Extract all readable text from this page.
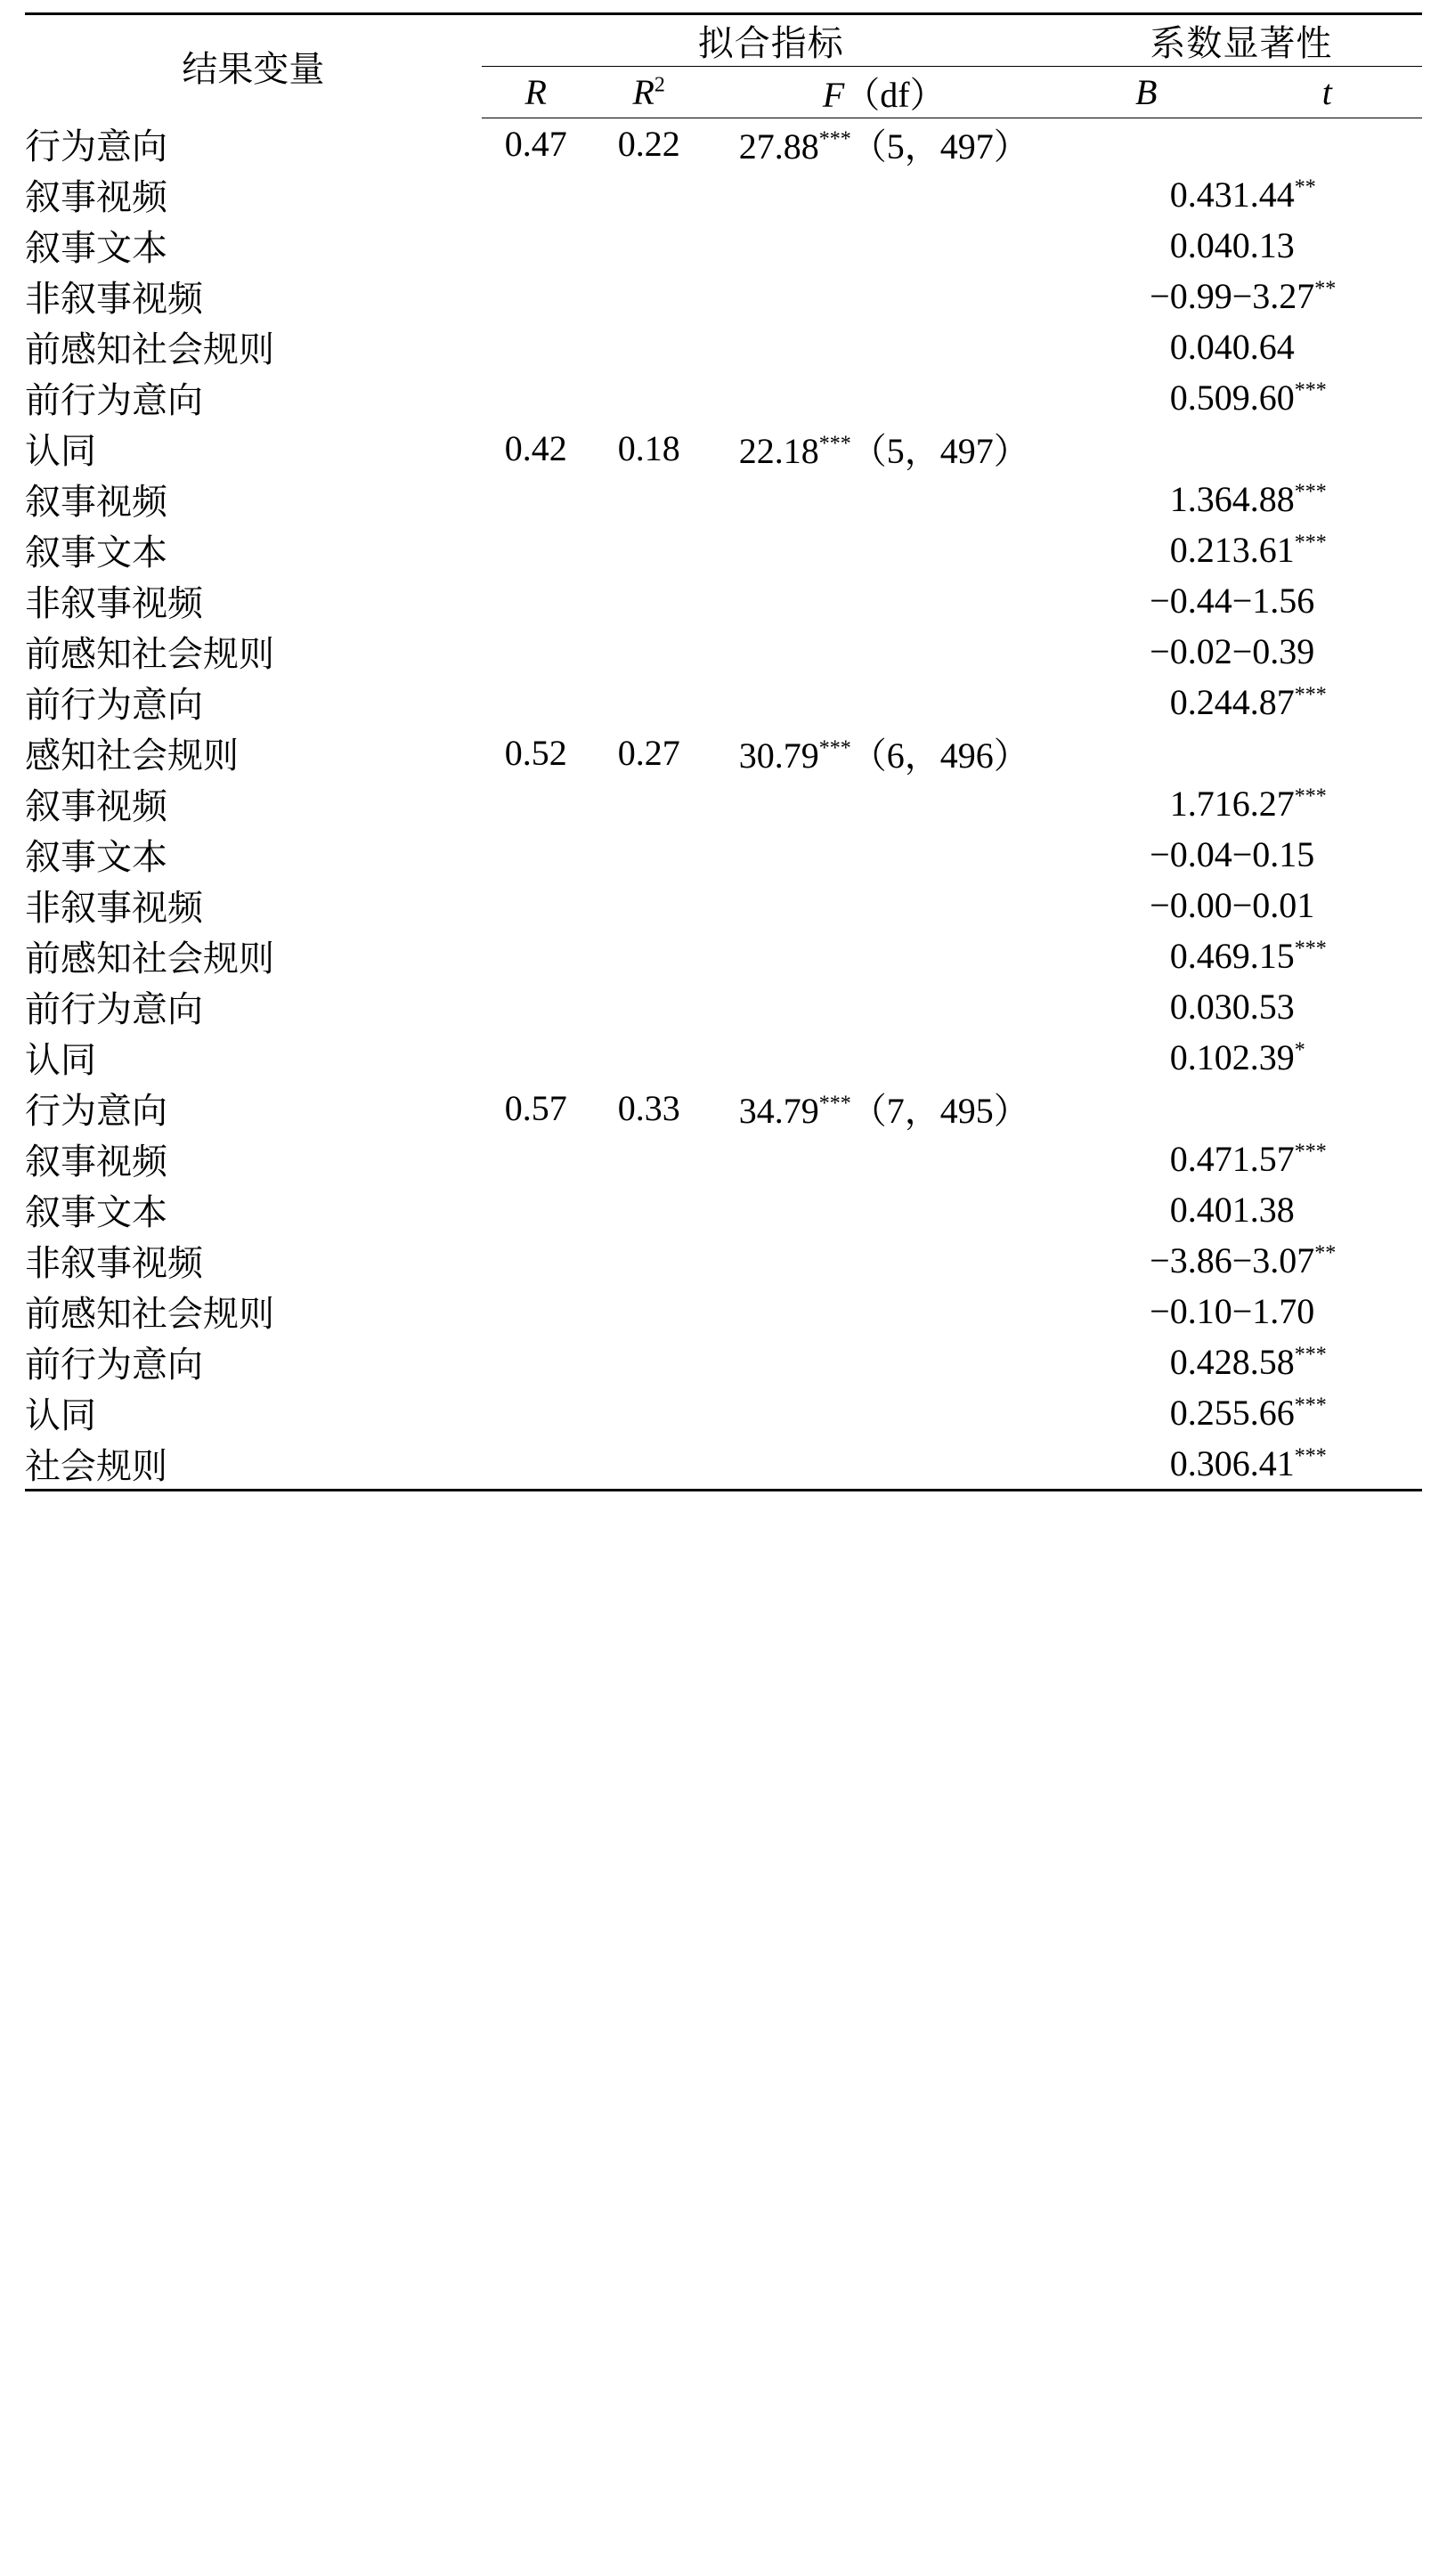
结果变量	拟合指标			系数显著性	
	R	$R^2$	F（df）	B	t
行为意向	0.47	0.22	27.88***（5，497）		
叙事视频				0.43	1.44**
叙事文本				0.04	0.13
非叙事视频				−0.99	−3.27**
前感知社会规则				0.04	0.64
前行为意向				0.50	9.60***
认同	0.42	0.18	22.18***（5，497）		
叙事视频				1.36	4.88***
叙事文本				0.21	3.61***
非叙事视频				−0.44	−1.56
前感知社会规则				−0.02	−0.39
前行为意向				0.24	4.87***
感知社会规则	0.52	0.27	30.79***（6，496）		
叙事视频				1.71	6.27***
叙事文本				−0.04	−0.15
非叙事视频				−0.00	−0.01
前感知社会规则				0.46	9.15***
前行为意向				0.03	0.53
认同				0.10	2.39*
行为意向	0.57	0.33	34.79***（7，495）		
叙事视频				0.47	1.57***
叙事文本				0.40	1.38
非叙事视频				−3.86	−3.07**
前感知社会规则				−0.10	−1.70
前行为意向				0.42	8.58***
认同				0.25	5.66***
社会规则				0.30	6.41***
